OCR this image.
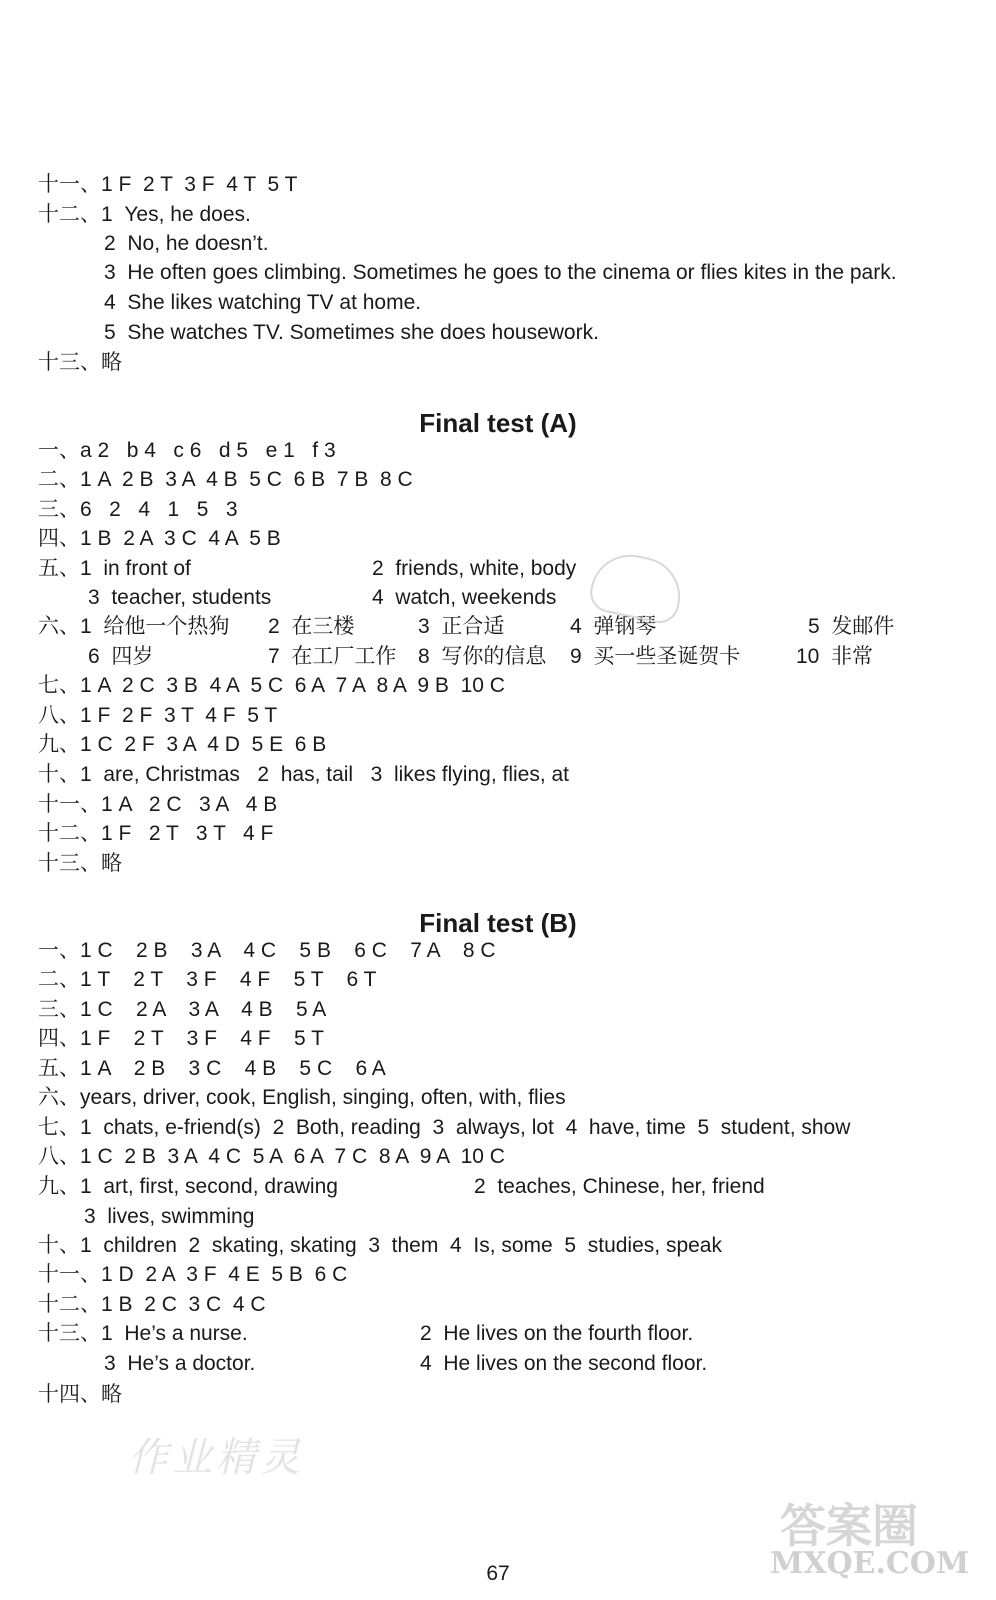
十一、1 F  2 T  3 F  4 T  5 T
十二、1  Yes, he does.
2  No, he doesn’t.
3  He often goes climbing. Sometimes he goes to the cinema or flies kites in the park.
4  She likes watching TV at home.
5  She watches TV. Sometimes she does housework.
十三、略
Final test (A)
一、a 2   b 4   c 6   d 5   e 1   f 3
二、1 A  2 B  3 A  4 B  5 C  6 B  7 B  8 C
三、6   2   4   1   5   3
四、1 B  2 A  3 C  4 A  5 B
五、1  in front of	2  friends, white, body
3  teacher, students	4  watch, weekends
六、1  给他一个热狗 2  在三楼	3  正合适	4  弹钢琴	5  发邮件
6  四岁	7  在工厂工作 8  写你的信息 9  买一些圣诞贺卡	10  非常
七、1 A  2 C  3 B  4 A  5 C  6 A  7 A  8 A  9 B  10 C
八、1 F  2 F  3 T  4 F  5 T
九、1 C  2 F  3 A  4 D  5 E  6 B
十、1  are, Christmas   2  has, tail   3  likes flying, flies, at
十一、1 A   2 C   3 A   4 B
十二、1 F   2 T   3 T   4 F
十三、略
Final test (B)
一、1 C    2 B    3 A    4 C    5 B    6 C    7 A    8 C
二、1 T    2 T    3 F    4 F    5 T    6 T
三、1 C    2 A    3 A    4 B    5 A
四、1 F    2 T    3 F    4 F    5 T
五、1 A    2 B    3 C    4 B    5 C    6 A
六、years, driver, cook, English, singing, often, with, flies
七、1  chats, e-friend(s)  2  Both, reading  3  always, lot  4  have, time  5  student, show
八、1 C  2 B  3 A  4 C  5 A  6 A  7 C  8 A  9 A  10 C
九、1  art, first, second, drawing	2  teaches, Chinese, her, friend
3  lives, swimming
十、1  children  2  skating, skating  3  them  4  Is, some  5  studies, speak
十一、1 D  2 A  3 F  4 E  5 B  6 C
十二、1 B  2 C  3 C  4 C
十三、1  He’s a nurse.	2  He lives on the fourth floor.
3  He’s a doctor.	4  He lives on the second floor.
十四、略
作业精灵
答案圈
MXQE.COM
67
